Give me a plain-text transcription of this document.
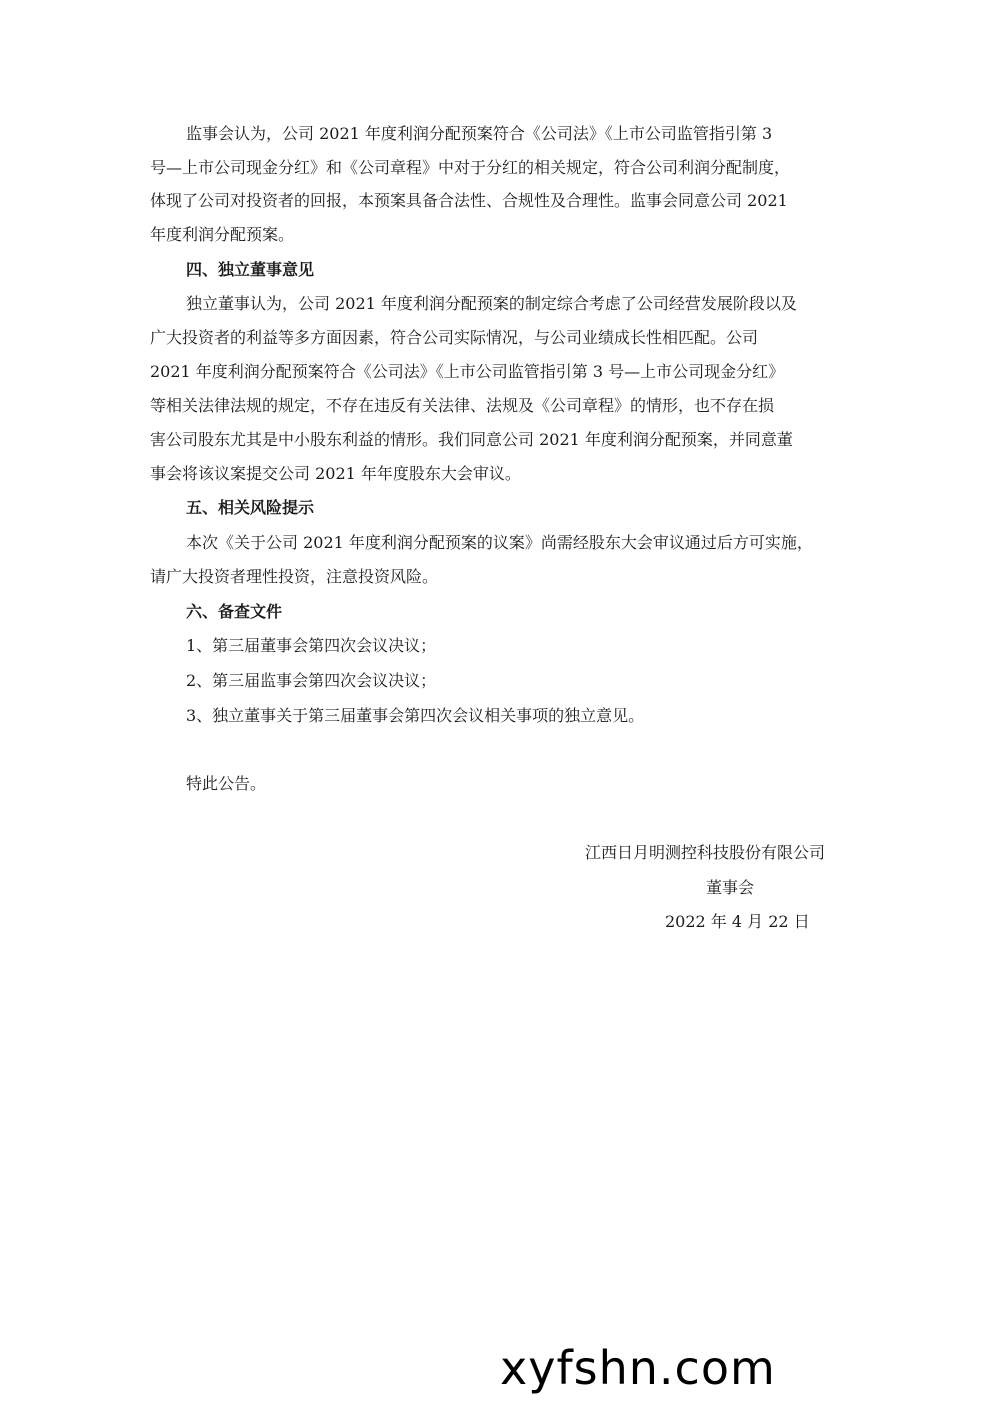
监事会认为，公司 2021 年度利润分配预案符合《公司法》《上市公司监管指引第 3
号—上市公司现金分红》和《公司章程》中对于分红的相关规定，符合公司利润分配制度，
体现了公司对投资者的回报，本预案具备合法性、合规性及合理性。监事会同意公司 2021
年度利润分配预案。
四、独立董事意见
独立董事认为，公司 2021 年度利润分配预案的制定综合考虑了公司经营发展阶段以及
广大投资者的利益等多方面因素，符合公司实际情况，与公司业绩成长性相匹配。公司
2021 年度利润分配预案符合《公司法》《上市公司监管指引第 3 号—上市公司现金分红》
等相关法律法规的规定，不存在违反有关法律、法规及《公司章程》的情形，也不存在损
害公司股东尤其是中小股东利益的情形。我们同意公司 2021 年度利润分配预案，并同意董
事会将该议案提交公司 2021 年年度股东大会审议。
五、相关风险提示
本次《关于公司 2021 年度利润分配预案的议案》尚需经股东大会审议通过后方可实施，
请广大投资者理性投资，注意投资风险。
六、备查文件
1、第三届董事会第四次会议决议；
2、第三届监事会第四次会议决议；
3、独立董事关于第三届董事会第四次会议相关事项的独立意见。
特此公告。
江西日月明测控科技股份有限公司
董事会
2022 年 4 月 22 日
xyfshn.com
